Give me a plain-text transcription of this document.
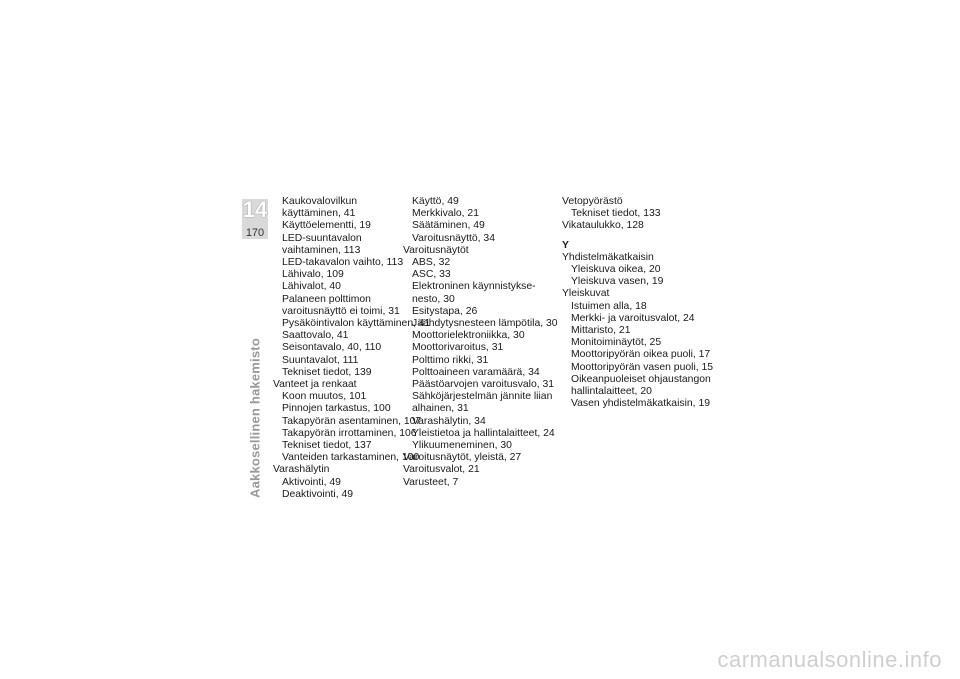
14
170
Aakkosellinen hakemisto
Kaukovalovilkun
käyttäminen, 41
Käyttöelementti, 19
LED-suuntavalon
vaihtaminen, 113
LED-takavalon vaihto, 113
Lähivalo, 109
Lähivalot, 40
Palaneen polttimon
varoitusnäyttö ei toimi, 31
Pysäköintivalon käyttäminen, 41
Saattovalo, 41
Seisontavalo, 40, 110
Suuntavalot, 111
Tekniset tiedot, 139
Vanteet ja renkaat
Koon muutos, 101
Pinnojen tarkastus, 100
Takapyörän asentaminen, 107
Takapyörän irrottaminen, 106
Tekniset tiedot, 137
Vanteiden tarkastaminen, 100
Varashälytin
Aktivointi, 49
Deaktivointi, 49
Käyttö, 49
Merkkivalo, 21
Säätäminen, 49
Varoitusnäyttö, 34
Varoitusnäytöt
ABS, 32
ASC, 33
Elektroninen käynnistykse-
nesto, 30
Esitystapa, 26
Jäähdytysnesteen lämpötila, 30
Moottorielektroniikka, 30
Moottorivaroitus, 31
Polttimo rikki, 31
Polttoaineen varamäärä, 34
Päästöarvojen varoitusvalo, 31
Sähköjärjestelmän jännite liian
alhainen, 31
Varashälytin, 34
Yleistietoa ja hallintalaitteet, 24
Ylikuumeneminen, 30
Varoitusnäytöt, yleistä, 27
Varoitusvalot, 21
Varusteet, 7
Vetopyörästö
Tekniset tiedot, 133
Vikataulukko, 128
Y
Yhdistelmäkatkaisin
Yleiskuva oikea, 20
Yleiskuva vasen, 19
Yleiskuvat
Istuimen alla, 18
Merkki- ja varoitusvalot, 24
Mittaristo, 21
Monitoiminäytöt, 25
Moottoripyörän oikea puoli, 17
Moottoripyörän vasen puoli, 15
Oikeanpuoleiset ohjaustangon
hallintalaitteet, 20
Vasen yhdistelmäkatkaisin, 19
carmanualsonline.info
